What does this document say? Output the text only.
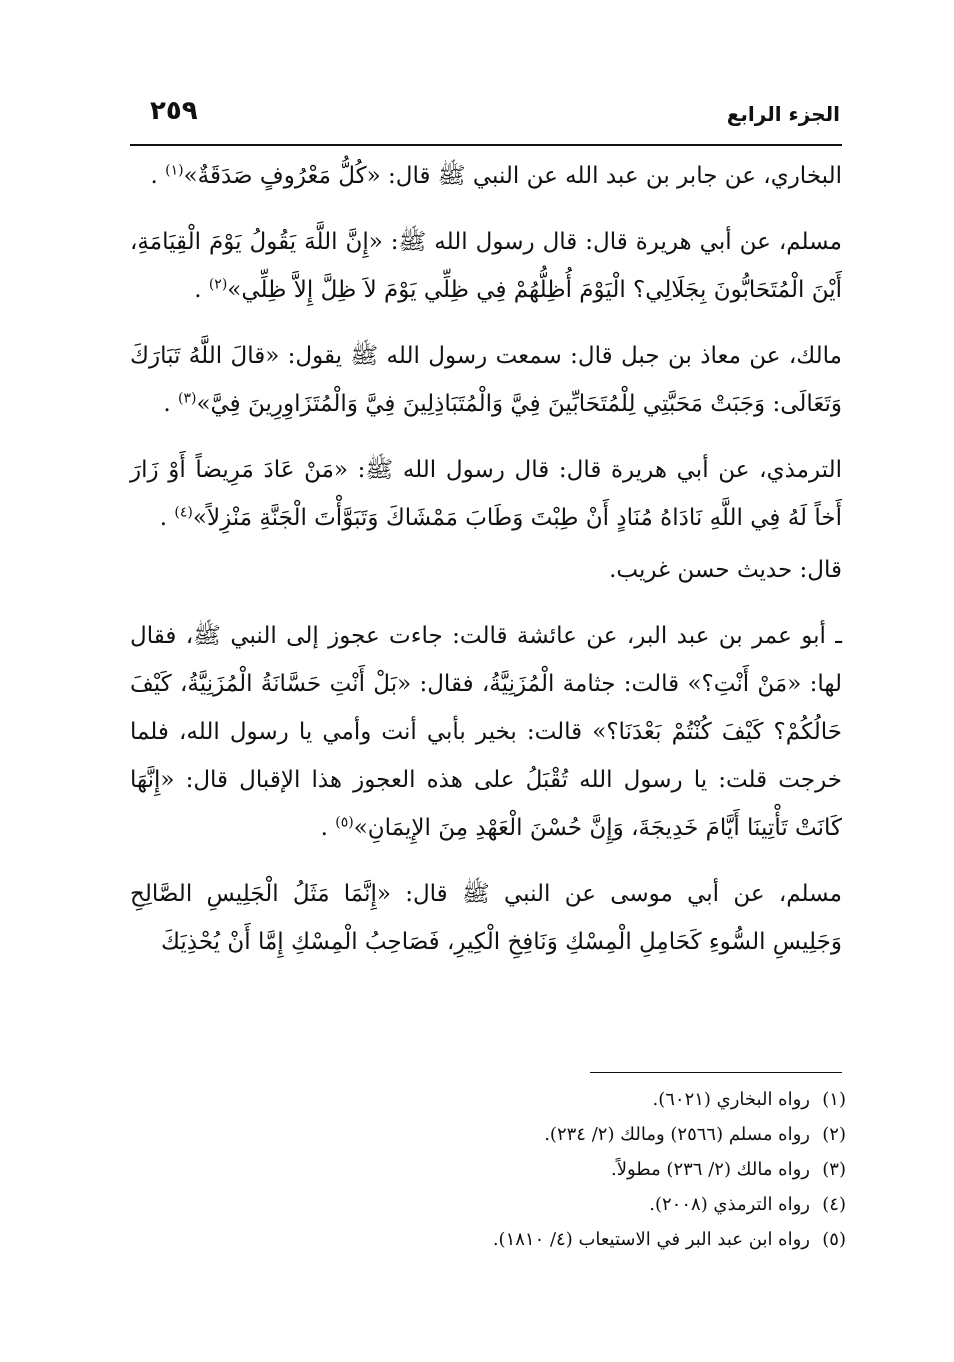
الجزء الرابع
٢٥٩

البخاري، عن جابر بن عبد الله عن النبي ﷺ قال: «كُلُّ مَعْرُوفٍ صَدَقَةٌ»$^{(١)}$ .

مسلم، عن أبي هريرة قال: قال رسول الله ﷺ: «إِنَّ اللَّهَ يَقُولُ يَوْمَ الْقِيَامَةِ، أَيْنَ الْمُتَحَابُّونَ بِجَلَالِي؟ الْيَوْمَ أُظِلُّهُمْ فِي ظِلِّي يَوْمَ لاَ ظِلَّ إِلاَّ ظِلِّي»$^{(٢)}$ .

مالك، عن معاذ بن جبل قال: سمعت رسول الله ﷺ يقول: «قالَ اللَّهُ تَبَارَكَ وَتَعَالَى: وَجَبَتْ مَحَبَّتِي لِلْمُتَحَابِّينَ فِيَّ وَالْمُتَبَاذِلِينَ فِيَّ وَالْمُتَزَاوِرِينَ فِيَّ»$^{(٣)}$ .

الترمذي، عن أبي هريرة قال: قال رسول الله ﷺ: «مَنْ عَادَ مَرِيضاً أَوْ زَارَ أَخاً لَهُ فِي اللَّهِ نَادَاهُ مُنَادٍ أَنْ طِبْتَ وَطَابَ مَمْشَاكَ وَتَبَوَّأْتَ الْجَنَّةِ مَنْزِلاً»$^{(٤)}$ .

قال: حديث حسن غريب.

ـ أبو عمر بن عبد البر، عن عائشة قالت: جاءت عجوز إلى النبي ﷺ، فقال لها: «مَنْ أَنْتِ؟» قالت: جثامة الْمُزَنِيَّةُ، فقال: «بَلْ أَنْتِ حَسَّانَةُ الْمُزَنِيَّةُ، كَيْفَ حَالُكُمْ؟ كَيْفَ كُنْتُمْ بَعْدَنَا؟» قالت: بخير بأبي أنت وأمي يا رسول الله، فلما خرجت قلت: يا رسول الله تُقْبَلُ على هذه العجوز هذا الإقبال قال: «إِنَّهَا كَانَتْ تَأْتِينَا أَيَّامَ خَدِيجَةَ، وَإِنَّ حُسْنَ الْعَهْدِ مِنَ الإِيمَانِ»$^{(٥)}$ .

مسلم، عن أبي موسى عن النبي ﷺ قال: «إِنَّمَا مَثَلُ الْجَلِيسِ الصَّالِحِ وَجَلِيسِ السُّوءِ كَحَامِلِ الْمِسْكِ وَنَافِخِ الْكِيرِ، فَصَاحِبُ الْمِسْكِ إِمَّا أَنْ يُحْذِيَكَ

(١)رواه البخاري (٦٠٢١).
(٢)رواه مسلم (٢٥٦٦) ومالك (٢/ ٢٣٤).
(٣)رواه مالك (٢/ ٢٣٦) مطولاً.
(٤)رواه الترمذي (٢٠٠٨).
(٥)رواه ابن عبد البر في الاستيعاب (٤/ ١٨١٠).
